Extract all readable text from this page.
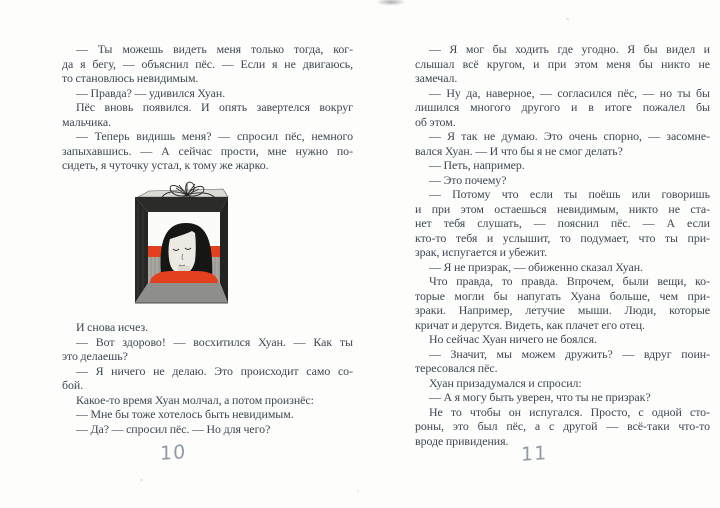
— Ты можешь видеть меня только тогда, ког-
да я бегу, — объяснил пёс. — Если я не двигаюсь,
то становлюсь невидимым.
— Правда? — удивился Хуан.
Пёс вновь появился. И опять завертелся вокруг
мальчика.
— Теперь видишь меня? — спросил пёс, немного
запыхавшись. — А сейчас прости, мне нужно по-
сидеть, я чуточку устал, к тому же жарко.
И снова исчез.
— Вот здорово! — восхитился Хуан. — Как ты
это делаешь?
— Я ничего не делаю. Это происходит само со-
бой.
Какое-то время Хуан молчал, а потом произнёс:
— Мне бы тоже хотелось быть невидимым.
— Да? — спросил пёс. — Но для чего?
10
— Я мог бы ходить где угодно. Я бы видел и
слышал всё кругом, и при этом меня бы никто не
замечал.
— Ну да, наверное, — согласился пёс, — но ты бы
лишился многого другого и в итоге пожалел бы
об этом.
— Я так не думаю. Это очень спорно, — засомне-
вался Хуан. — И что бы я не смог делать?
— Петь, например.
— Это почему?
— Потому что если ты поёшь или говоришь
и при этом остаешься невидимым, никто не ста-
нет тебя слушать, — пояснил пёс. — А если
кто-то тебя и услышит, то подумает, что ты при-
зрак, испугается и убежит.
— Я не призрак, — обиженно сказал Хуан.
Что правда, то правда. Впрочем, были вещи, ко-
торые могли бы напугать Хуана больше, чем при-
зраки. Например, летучие мыши. Люди, которые
кричат и дерутся. Видеть, как плачет его отец.
Но сейчас Хуан ничего не боялся.
— Значит, мы можем дружить? — вдруг поин-
тересовался пёс.
Хуан призадумался и спросил:
— А я могу быть уверен, что ты не призрак?
Не то чтобы он испугался. Просто, с одной сто-
роны, это был пёс, а с другой — всё-таки что-то
вроде привидения.
11
